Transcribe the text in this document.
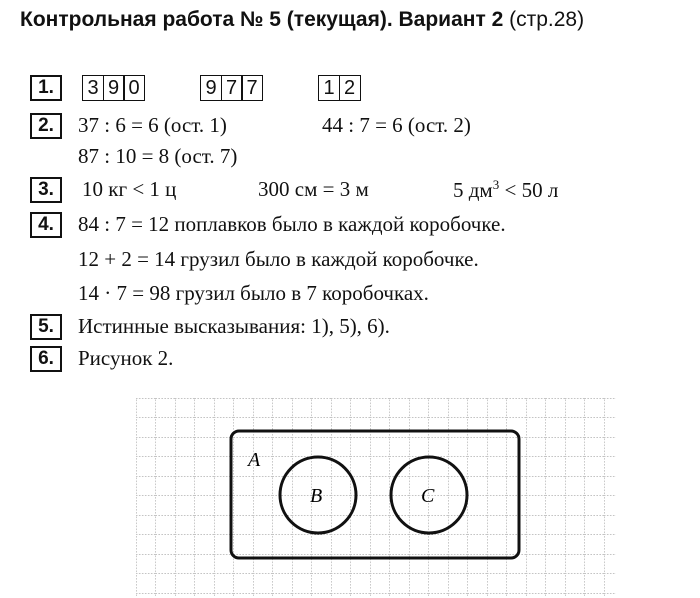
Контрольная работа № 5 (текущая). Вариант 2 (стр.28)
1.	3 9 0	9 7 7	1 2
2.	37 : 6 = 6 (ост. 1)	44 : 7 = 6 (ост. 2)
87 : 10 = 8 (ост. 7)
3.	10 кг < 1 ц	300 см = 3 м	5 $дм^3 < 50$ л
4.	84 : 7 = 12 поплавков было в каждой коробочке.
12 + 2 = 14 грузил было в каждой коробочке.
14 · 7 = 98 грузил было в 7 коробочках.
5.	Истинные высказывания: 1), 5), 6).
6.	Рисунок 2.
A
B	C
